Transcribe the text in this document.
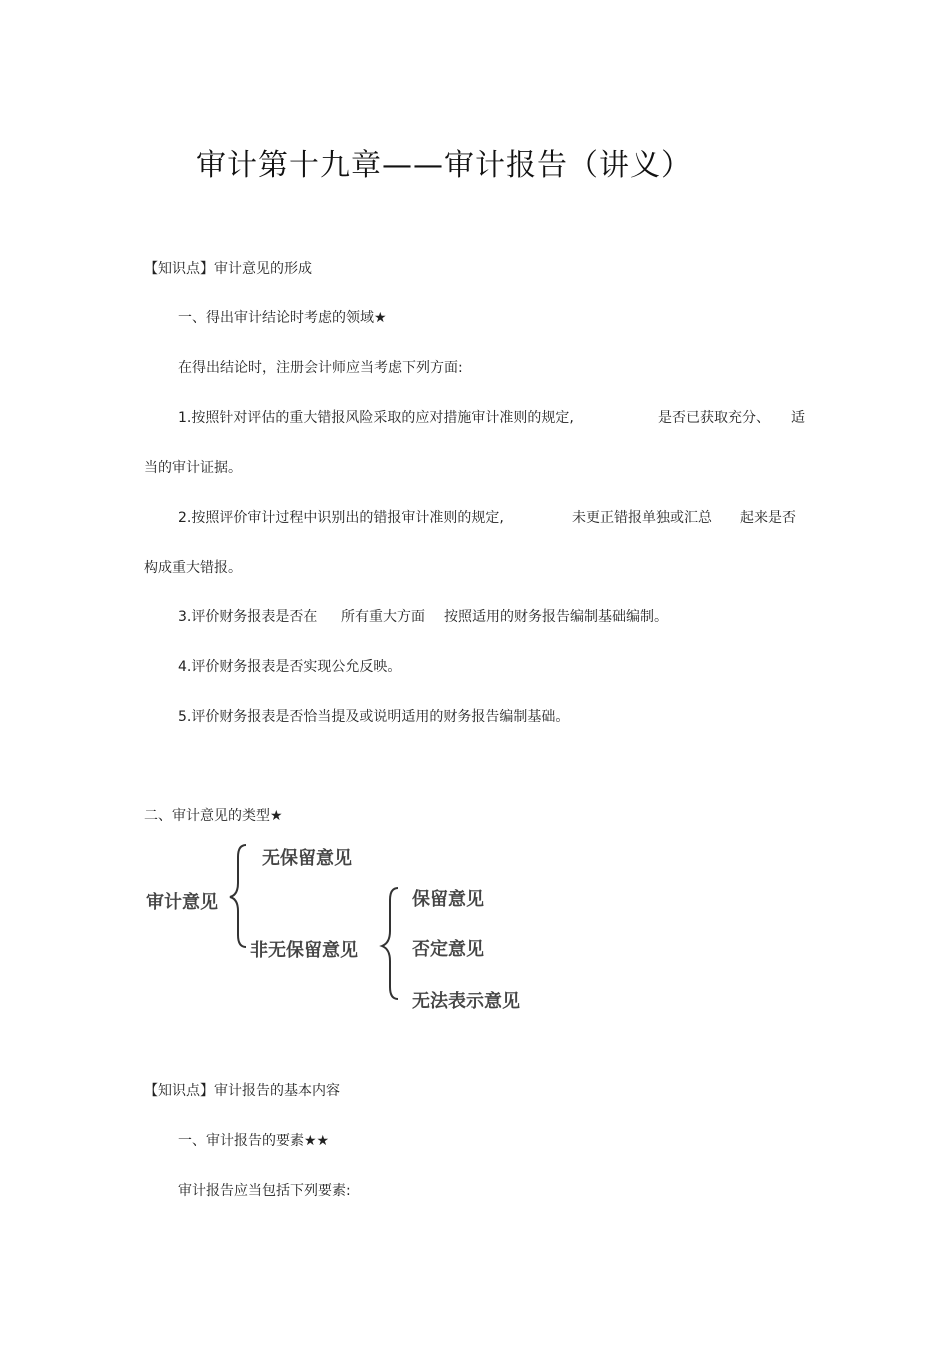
审计第十九章——审计报告（讲义）
【知识点】审计意见的形成
一、得出审计结论时考虑的领域★
在得出结论时，注册会计师应当考虑下列方面:
1.按照针对评估的重大错报风险采取的应对措施审计准则的规定,	是否已获取充分、 适
当的审计证据。
2.按照评价审计过程中识别出的错报审计准则的规定,	未更正错报单独或汇总 起来是否
构成重大错报。
3.评价财务报表是否在 所有重大方面 按照适用的财务报告编制基础编制。
4.评价财务报表是否实现公允反映。
5.评价财务报表是否恰当提及或说明适用的财务报告编制基础。
二、审计意见的类型★
审计意见
无保留意见
非无保留意见
保留意见
否定意见
无法表示意见
【知识点】审计报告的基本内容
一、审计报告的要素★★
审计报告应当包括下列要素:
